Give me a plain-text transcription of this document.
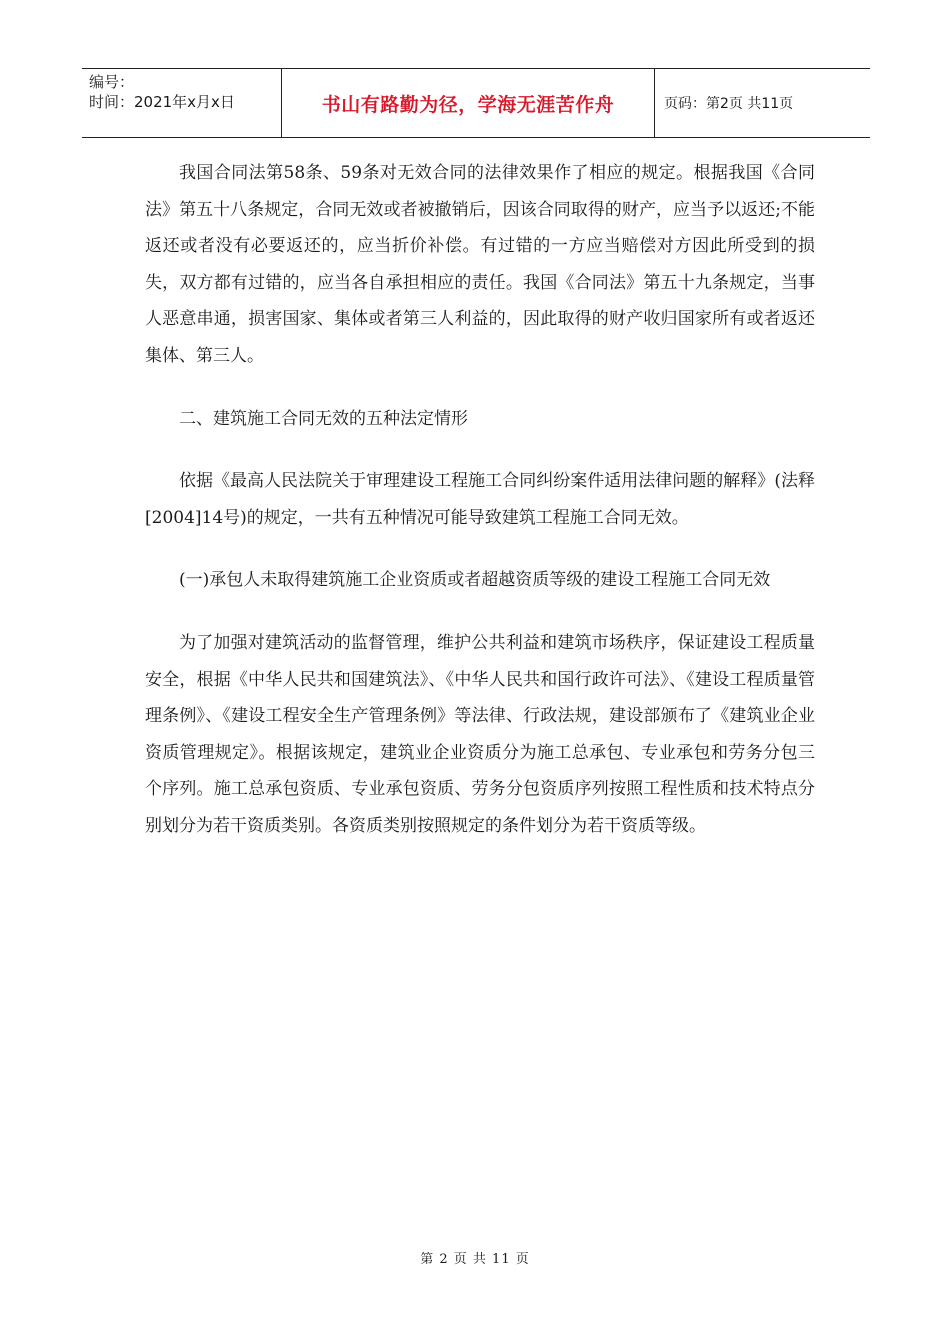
编号：
时间：2021年x月x日	书山有路勤为径，学海无涯苦作舟	页码：第2页 共11页

我国合同法第58条、59条对无效合同的法律效果作了相应的规定。根据我国《合同法》第五十八条规定，合同无效或者被撤销后，因该合同取得的财产，应当予以返还;不能返还或者没有必要返还的，应当折价补偿。有过错的一方应当赔偿对方因此所受到的损失，双方都有过错的，应当各自承担相应的责任。我国《合同法》第五十九条规定，当事人恶意串通，损害国家、集体或者第三人利益的，因此取得的财产收归国家所有或者返还集体、第三人。

二、建筑施工合同无效的五种法定情形

依据《最高人民法院关于审理建设工程施工合同纠纷案件适用法律问题的解释》(法释[2004]14号)的规定，一共有五种情况可能导致建筑工程施工合同无效。

(一)承包人未取得建筑施工企业资质或者超越资质等级的建设工程施工合同无效

为了加强对建筑活动的监督管理，维护公共利益和建筑市场秩序，保证建设工程质量安全，根据《中华人民共和国建筑法》、《中华人民共和国行政许可法》、《建设工程质量管理条例》、《建设工程安全生产管理条例》等法律、行政法规，建设部颁布了《建筑业企业资质管理规定》。根据该规定，建筑业企业资质分为施工总承包、专业承包和劳务分包三个序列。施工总承包资质、专业承包资质、劳务分包资质序列按照工程性质和技术特点分别划分为若干资质类别。各资质类别按照规定的条件划分为若干资质等级。

第 2 页 共 11 页
